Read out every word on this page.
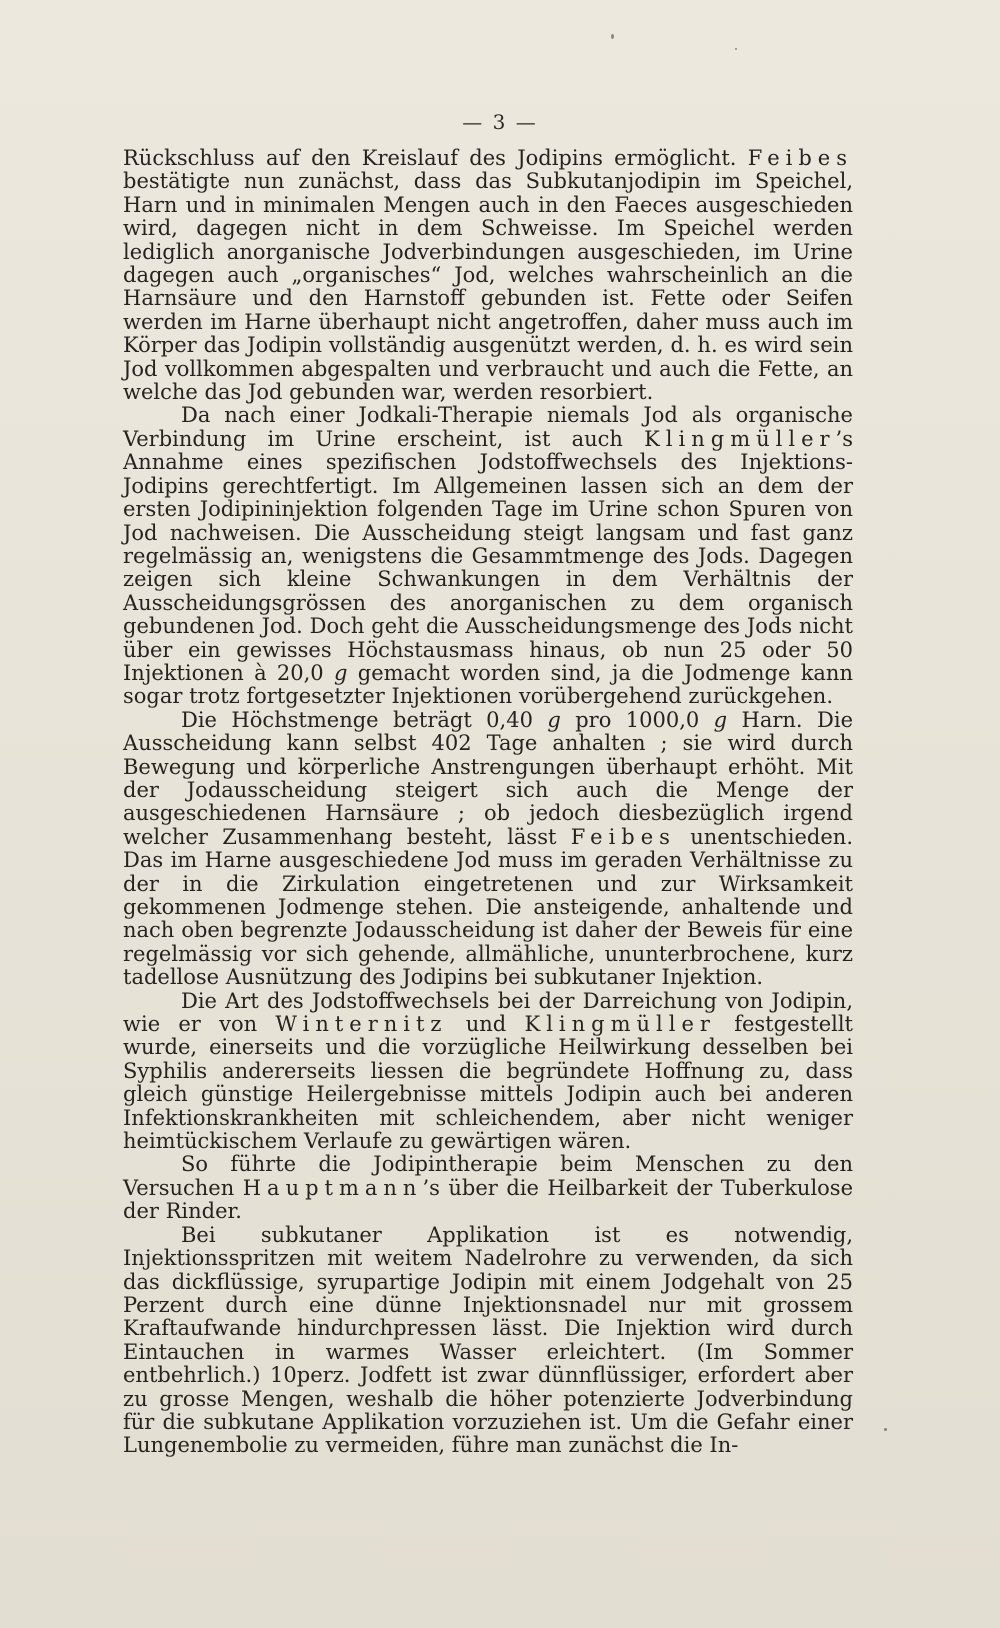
— 3 —

Rückschluss auf den Kreislauf des Jodipins ermöglicht. Feibes bestätigte nun zunächst, dass das Subkutanjodipin im Speichel, Harn und in minimalen Mengen auch in den Faeces ausgeschieden wird, dagegen nicht in dem Schweisse. Im Speichel werden lediglich anorganische Jodverbindungen ausgeschieden, im Urine dagegen auch „organisches“ Jod, welches wahrscheinlich an die Harnsäure und den Harnstoff gebunden ist. Fette oder Seifen werden im Harne überhaupt nicht angetroffen, daher muss auch im Körper das Jodipin vollständig ausgenützt werden, d. h. es wird sein Jod vollkommen abgespalten und verbraucht und auch die Fette, an welche das Jod gebunden war, werden resorbiert.

Da nach einer Jodkali-Therapie niemals Jod als organische Verbindung im Urine erscheint, ist auch Klingmüller’s Annahme eines spezifischen Jodstoffwechsels des Injektions-Jodipins gerechtfertigt. Im Allgemeinen lassen sich an dem der ersten Jodipininjektion folgenden Tage im Urine schon Spuren von Jod nachweisen. Die Ausscheidung steigt langsam und fast ganz regelmässig an, wenigstens die Gesammtmenge des Jods. Dagegen zeigen sich kleine Schwankungen in dem Verhältnis der Ausscheidungsgrössen des anorganischen zu dem organisch gebundenen Jod. Doch geht die Ausscheidungsmenge des Jods nicht über ein gewisses Höchstausmass hinaus, ob nun 25 oder 50 Injektionen à 20,0 g gemacht worden sind, ja die Jodmenge kann sogar trotz fortgesetzter Injektionen vorübergehend zurückgehen.

Die Höchstmenge beträgt 0,40 g pro 1000,0 g Harn. Die Ausscheidung kann selbst 402 Tage anhalten ; sie wird durch Bewegung und körperliche Anstrengungen überhaupt erhöht. Mit der Jodausscheidung steigert sich auch die Menge der ausgeschiedenen Harnsäure ; ob jedoch diesbezüglich irgend welcher Zusammenhang besteht, lässt Feibes unentschieden. Das im Harne ausgeschiedene Jod muss im geraden Verhältnisse zu der in die Zirkulation eingetretenen und zur Wirksamkeit gekommenen Jodmenge stehen. Die ansteigende, anhaltende und nach oben begrenzte Jodausscheidung ist daher der Beweis für eine regelmässig vor sich gehende, allmähliche, ununterbrochene, kurz tadellose Ausnützung des Jodipins bei subkutaner Injektion.

Die Art des Jodstoffwechsels bei der Darreichung von Jodipin, wie er von Winternitz und Klingmüller festgestellt wurde, einerseits und die vorzügliche Heilwirkung desselben bei Syphilis andererseits liessen die begründete Hoffnung zu, dass gleich günstige Heilergebnisse mittels Jodipin auch bei anderen Infektionskrankheiten mit schleichendem, aber nicht weniger heimtückischem Verlaufe zu gewärtigen wären.

So führte die Jodipintherapie beim Menschen zu den Versuchen Hauptmann’s über die Heilbarkeit der Tuberkulose der Rinder.

Bei subkutaner Applikation ist es notwendig, Injektionsspritzen mit weitem Nadelrohre zu verwenden, da sich das dickflüssige, syrupartige Jodipin mit einem Jodgehalt von 25 Perzent durch eine dünne Injektionsnadel nur mit grossem Kraftaufwande hindurchpressen lässt. Die Injektion wird durch Eintauchen in warmes Wasser erleichtert. (Im Sommer entbehrlich.) 10perz. Jodfett ist zwar dünnflüssiger, erfordert aber zu grosse Mengen, weshalb die höher potenzierte Jodverbindung für die subkutane Applikation vorzuziehen ist. Um die Gefahr einer Lungenembolie zu vermeiden, führe man zunächst die In-
